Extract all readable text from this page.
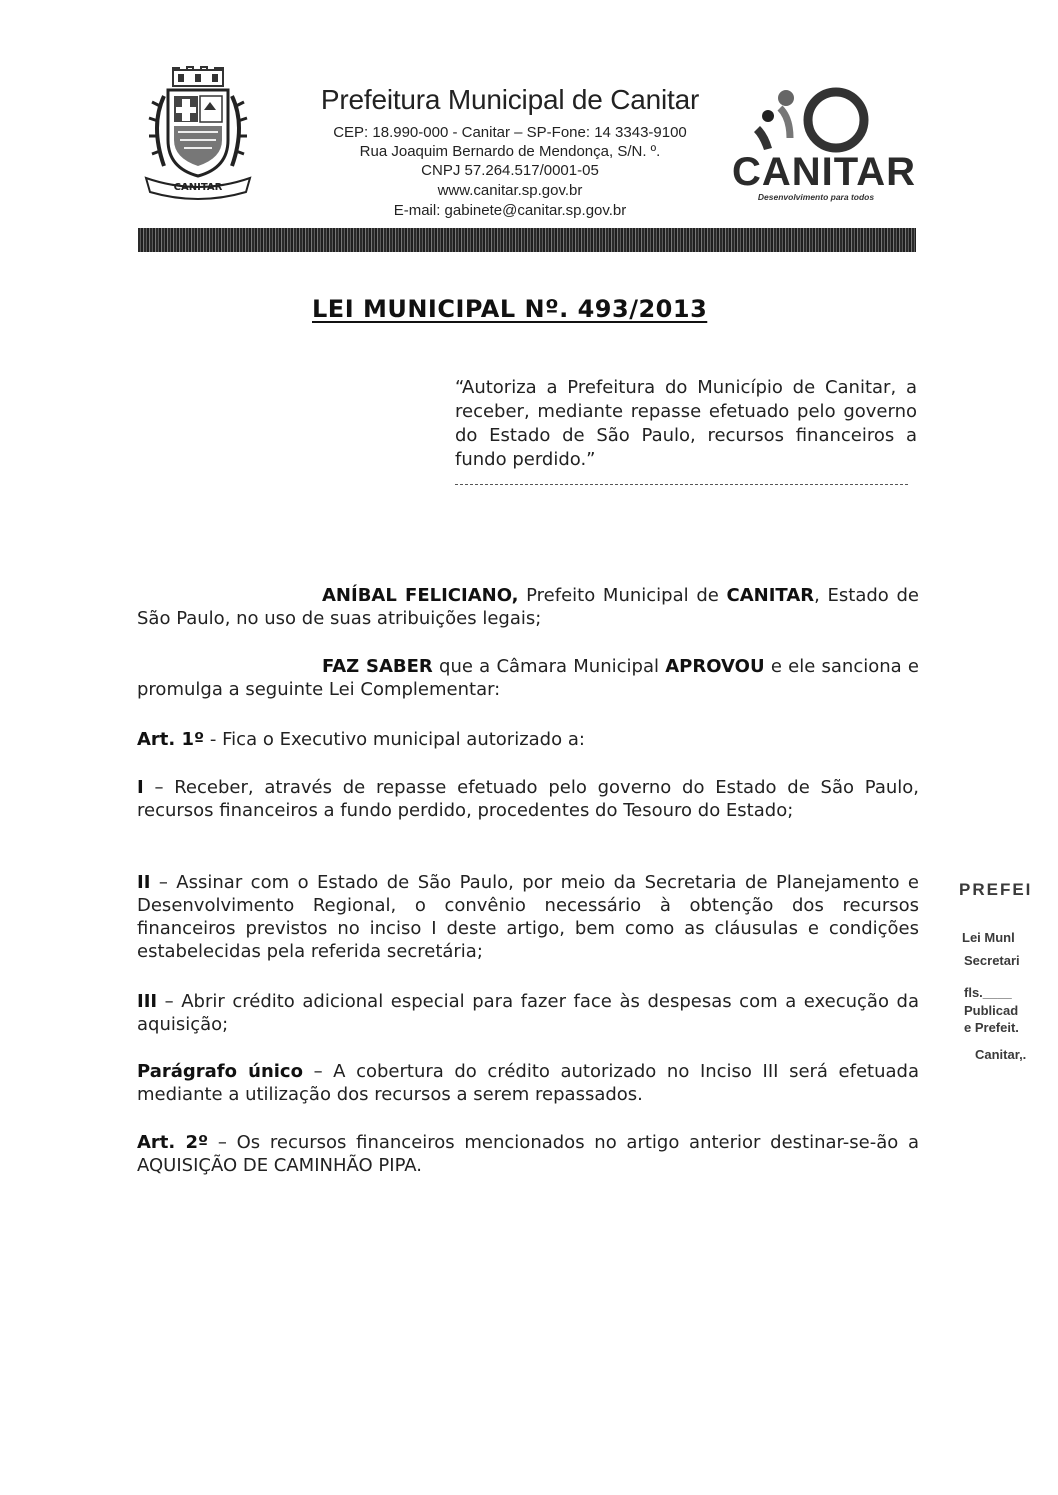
CANITAR
Prefeitura Municipal de Canitar
CEP: 18.990-000 - Canitar – SP-Fone: 14 3343-9100
Rua Joaquim Bernardo de Mendonça, S/N. º.
CNPJ 57.264.517/0001-05
www.canitar.sp.gov.br
E-mail: gabinete@canitar.sp.gov.br
CANITAR
Desenvolvimento para todos
LEI MUNICIPAL Nº. 493/2013
“Autoriza a Prefeitura do Município de Canitar, a receber, mediante repasse efetuado pelo governo do Estado de São Paulo, recursos financeiros a fundo perdido.”
ANÍBAL FELICIANO, Prefeito Municipal de CANITAR, Estado de São Paulo, no uso de suas atribuições legais;
FAZ SABER que a Câmara Municipal APROVOU e ele sanciona e promulga a seguinte Lei Complementar:
Art. 1º - Fica o Executivo municipal autorizado a:
I – Receber, através de repasse efetuado pelo governo do Estado de São Paulo, recursos financeiros a fundo perdido, procedentes do Tesouro do Estado;
II – Assinar com o Estado de São Paulo, por meio da Secretaria de Planejamento e Desenvolvimento Regional, o convênio necessário à obtenção dos recursos financeiros previstos no inciso I deste artigo, bem como as cláusulas e condições estabelecidas pela referida secretária;
III – Abrir crédito adicional especial para fazer face às despesas com a execução da aquisição;
Parágrafo único – A cobertura do crédito autorizado no Inciso III será efetuada mediante a utilização dos recursos a serem repassados.
Art. 2º – Os recursos financeiros mencionados no artigo anterior destinar-se-ão a AQUISIÇÃO DE CAMINHÃO PIPA.
PREFEI
Lei Munl
Secretari
fls.____
Publicad
e Prefeit.
Canitar,.
